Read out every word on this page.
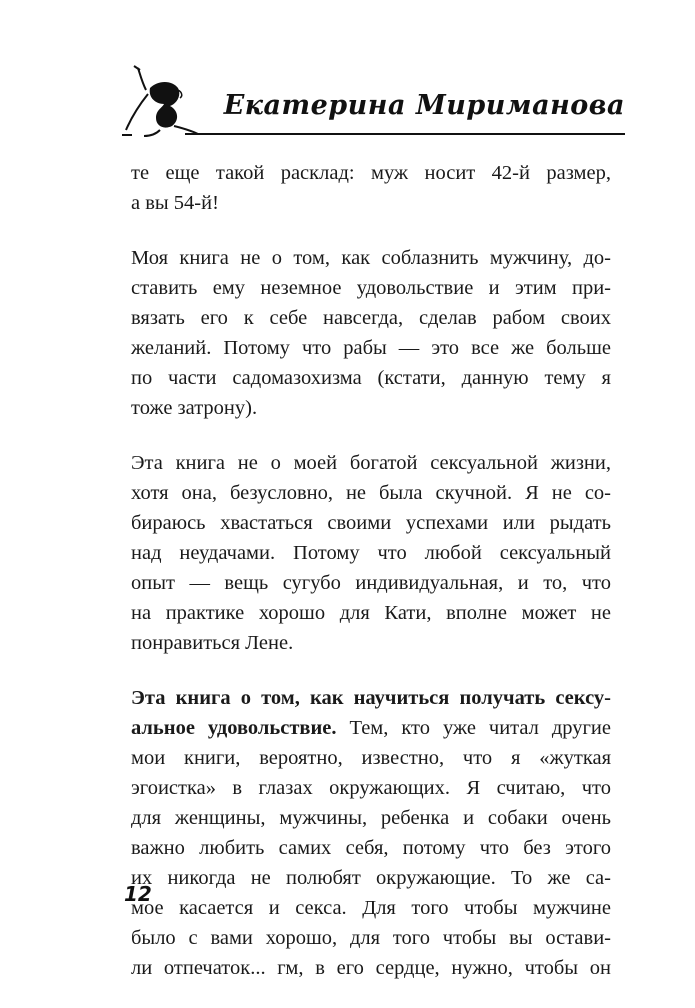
Екатерина Мириманова
те еще такой расклад: муж носит 42-й размер,
а вы 54-й!
Моя книга не о том, как соблазнить мужчину, до-
ставить ему неземное удовольствие и этим при-
вязать его к себе навсегда, сделав рабом своих
желаний. Потому что рабы — это все же больше
по части садомазохизма (кстати, данную тему я
тоже затрону).
Эта книга не о моей богатой сексуальной жизни,
хотя она, безусловно, не была скучной. Я не со-
бираюсь хвастаться своими успехами или рыдать
над неудачами. Потому что любой сексуальный
опыт — вещь сугубо индивидуальная, и то, что
на практике хорошо для Кати, вполне может не
понравиться Лене.
Эта книга о том, как научиться получать сексу-
альное удовольствие. Тем, кто уже читал другие
мои книги, вероятно, известно, что я «жуткая
эгоистка» в глазах окружающих. Я считаю, что
для женщины, мужчины, ребенка и собаки очень
важно любить самих себя, потому что без этого
их никогда не полюбят окружающие. То же са-
мое касается и секса. Для того чтобы мужчине
было с вами хорошо, для того чтобы вы остави-
ли отпечаток... гм, в его сердце, нужно, чтобы он
12
